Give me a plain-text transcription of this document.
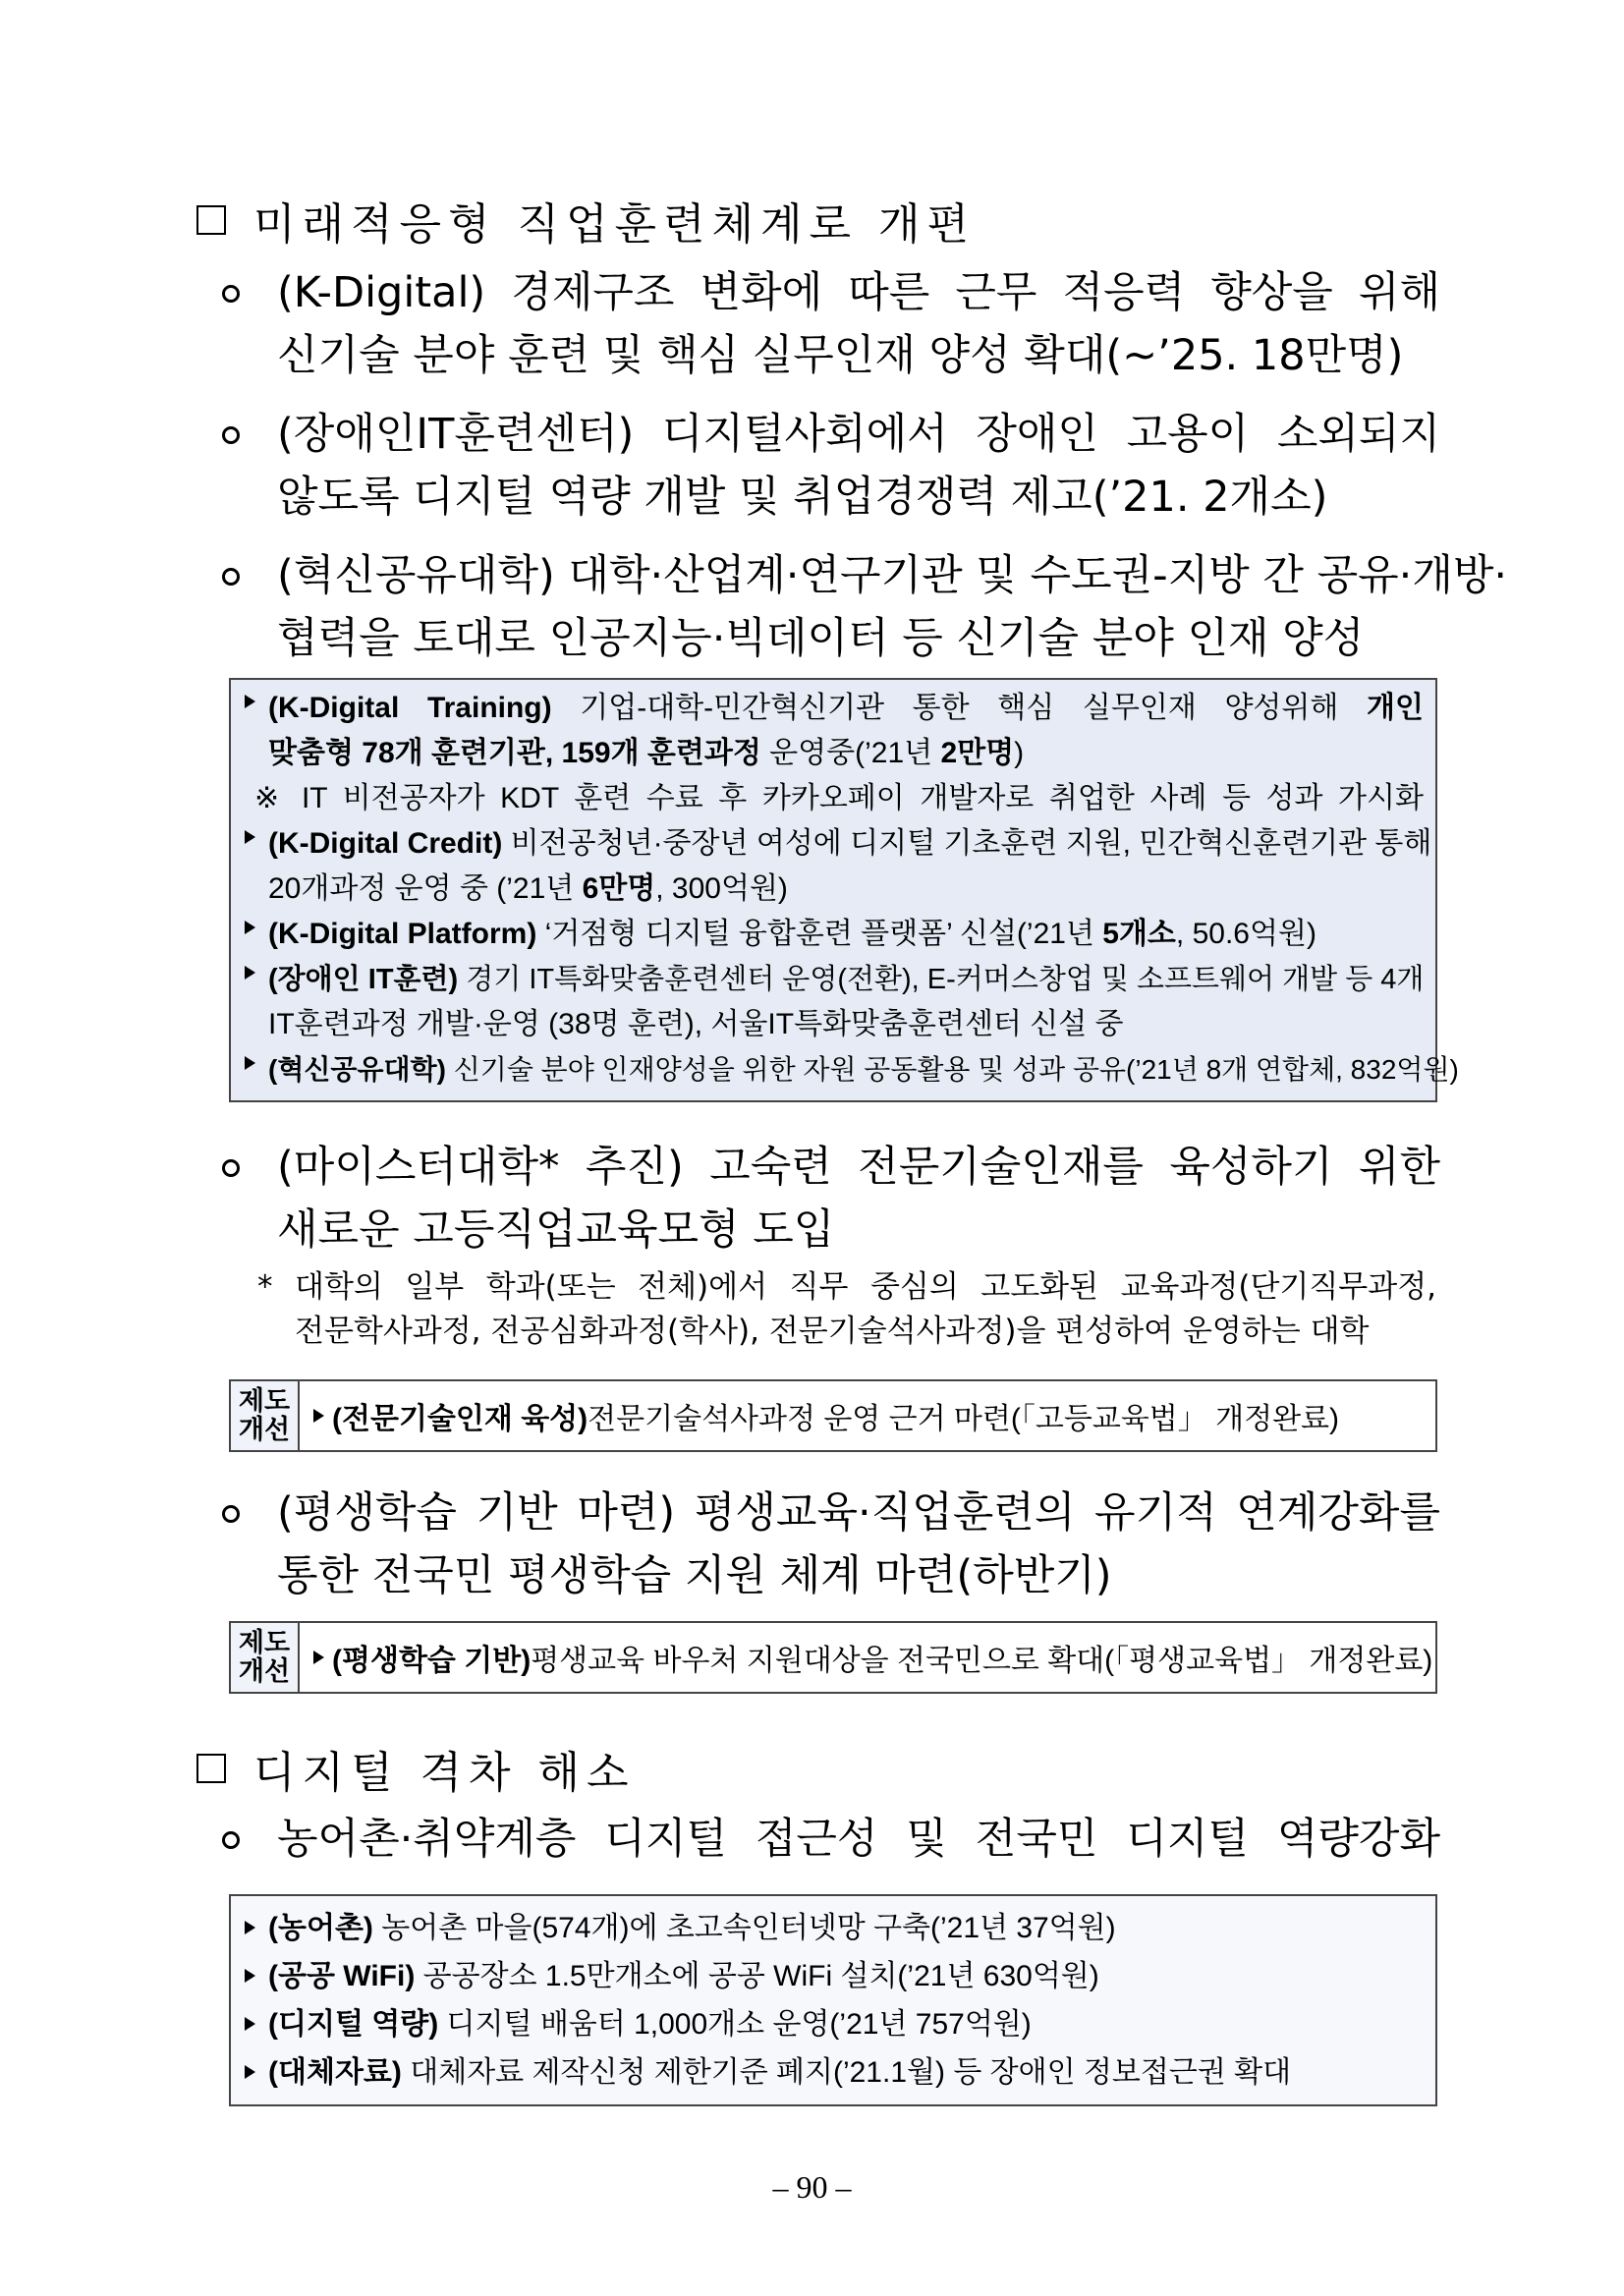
미래적응형 직업훈련체계로 개편
(K-Digital) 경제구조 변화에 따른 근무 적응력 향상을 위해
신기술 분야 훈련 및 핵심 실무인재 양성 확대(~’25. 18만명)
(장애인IT훈련센터) 디지털사회에서 장애인 고용이 소외되지
않도록 디지털 역량 개발 및 취업경쟁력 제고(’21. 2개소)
(혁신공유대학) 대학·산업계·연구기관 및 수도권-지방 간 공유·개방·
협력을 토대로 인공지능·빅데이터 등 신기술 분야 인재 양성
(K-Digital Training) 기업-대학-민간혁신기관 통한 핵심 실무인재 양성위해 개인
맞춤형 78개 훈련기관, 159개 훈련과정 운영중(’21년 2만명)
※ IT 비전공자가 KDT 훈련 수료 후 카카오페이 개발자로 취업한 사례 등 성과 가시화
(K-Digital Credit) 비전공청년·중장년 여성에 디지털 기초훈련 지원, 민간혁신훈련기관 통해
20개과정 운영 중 (’21년 6만명, 300억원)
(K-Digital Platform) ‘거점형 디지털 융합훈련 플랫폼’ 신설(’21년 5개소, 50.6억원)
(장애인 IT훈련) 경기 IT특화맞춤훈련센터 운영(전환), E-커머스창업 및 소프트웨어 개발 등 4개
IT훈련과정 개발·운영 (38명 훈련), 서울IT특화맞춤훈련센터 신설 중
(혁신공유대학) 신기술 분야 인재양성을 위한 자원 공동활용 및 성과 공유(’21년 8개 연합체, 832억원)
(마이스터대학* 추진) 고숙련 전문기술인재를 육성하기 위한
새로운 고등직업교육모형 도입
* 대학의 일부 학과(또는 전체)에서 직무 중심의 고도화된 교육과정(단기직무과정,
전문학사과정, 전공심화과정(학사), 전문기술석사과정)을 편성하여 운영하는 대학
제도
개선 (전문기술인재 육성) 전문기술석사과정 운영 근거 마련(「고등교육법」 개정완료)
(평생학습 기반 마련) 평생교육·직업훈련의 유기적 연계강화를
통한 전국민 평생학습 지원 체계 마련(하반기)
제도
개선 (평생학습 기반) 평생교육 바우처 지원대상을 전국민으로 확대(「평생교육법」 개정완료)
디지털 격차 해소
농어촌·취약계층 디지털 접근성 및 전국민 디지털 역량강화
(농어촌) 농어촌 마을(574개)에 초고속인터넷망 구축(’21년 37억원)
(공공 WiFi) 공공장소 1.5만개소에 공공 WiFi 설치(’21년 630억원)
(디지털 역량) 디지털 배움터 1,000개소 운영(’21년 757억원)
(대체자료) 대체자료 제작신청 제한기준 폐지(’21.1월) 등 장애인 정보접근권 확대
– 90 –
